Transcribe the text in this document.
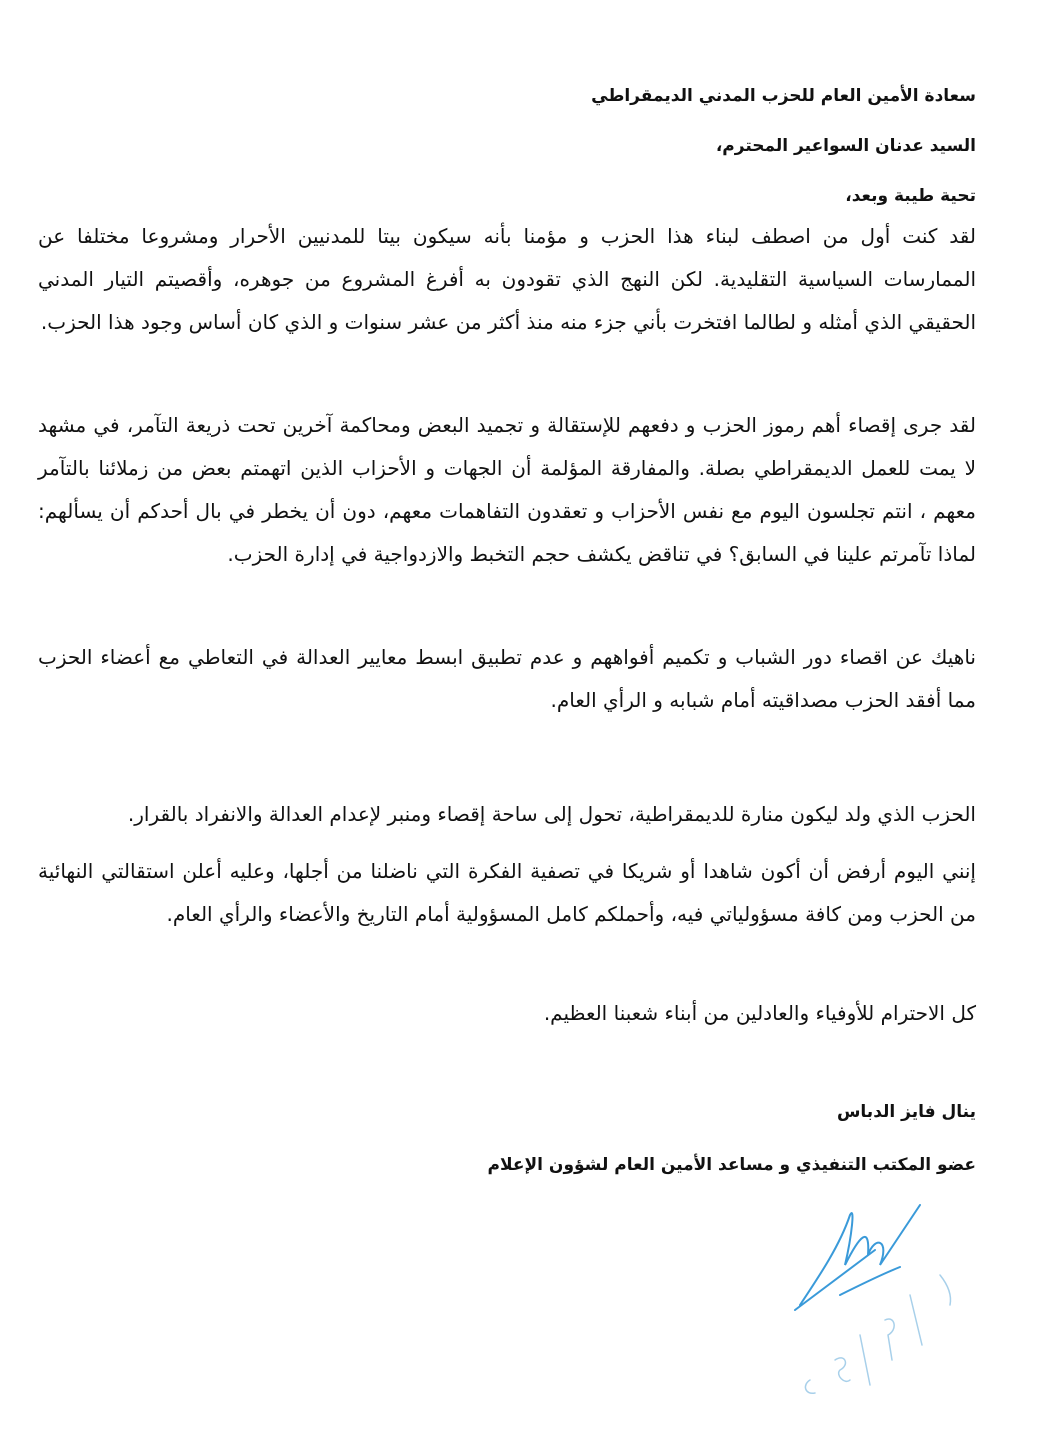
سعادة الأمين العام للحزب المدني الديمقراطي
السيد عدنان السواعير المحترم،
تحية طيبة وبعد،

لقد كنت أول من اصطف لبناء هذا الحزب و مؤمنا بأنه سيكون بيتا للمدنيين الأحرار ومشروعا مختلفا عن الممارسات السياسية التقليدية. لكن النهج الذي تقودون به أفرغ المشروع من جوهره، وأقصيتم التيار المدني الحقيقي الذي أمثله و لطالما افتخرت بأني جزء منه منذ أكثر من عشر سنوات و الذي كان أساس وجود هذا الحزب.

لقد جرى إقصاء أهم رموز الحزب و دفعهم للإستقالة و تجميد البعض ومحاكمة آخرين تحت ذريعة التآمر، في مشهد لا يمت للعمل الديمقراطي بصلة. والمفارقة المؤلمة أن الجهات و الأحزاب الذين اتهمتم بعض من زملائنا بالتآمر معهم ، انتم تجلسون اليوم مع نفس الأحزاب و تعقدون التفاهمات معهم، دون أن يخطر في بال أحدكم أن يسألهم: لماذا تآمرتم علينا في السابق؟ في تناقض يكشف حجم التخبط والازدواجية في إدارة الحزب.

ناهيك عن اقصاء دور الشباب و تكميم أفواههم و عدم تطبيق ابسط معايير العدالة في التعاطي مع أعضاء الحزب مما أفقد الحزب مصداقيته أمام شبابه و الرأي العام.

الحزب الذي ولد ليكون منارة للديمقراطية، تحول إلى ساحة إقصاء ومنبر لإعدام العدالة والانفراد بالقرار.

إنني اليوم أرفض أن أكون شاهدا أو شريكا في تصفية الفكرة التي ناضلنا من أجلها، وعليه أعلن استقالتي النهائية من الحزب ومن كافة مسؤولياتي فيه، وأحملكم كامل المسؤولية أمام التاريخ والأعضاء والرأي العام.

كل الاحترام للأوفياء والعادلين من أبناء شعبنا العظيم.

ينال فايز الدباس
عضو المكتب التنفيذي و مساعد الأمين العام لشؤون الإعلام
